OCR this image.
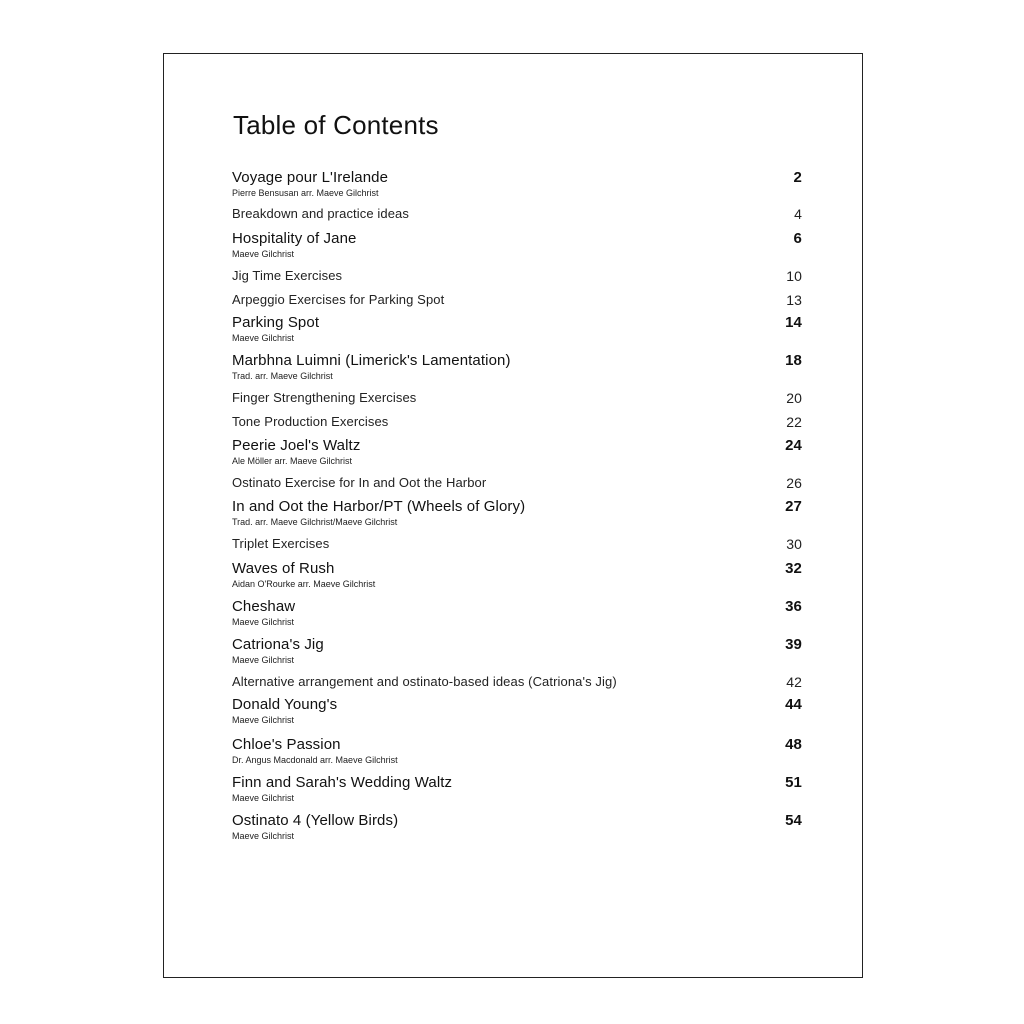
Table of Contents
Voyage pour L'Irelande	2
Pierre Bensusan arr. Maeve Gilchrist
Breakdown and practice ideas	4
Hospitality of Jane	6
Maeve Gilchrist
Jig Time Exercises	10
Arpeggio Exercises for Parking Spot	13
Parking Spot	14
Maeve Gilchrist
Marbhna Luimni (Limerick's Lamentation)	18
Trad. arr. Maeve Gilchrist
Finger Strengthening Exercises	20
Tone Production Exercises	22
Peerie Joel's Waltz	24
Ale Möller arr. Maeve Gilchrist
Ostinato Exercise for In and Oot the Harbor	26
In and Oot the Harbor/PT (Wheels of Glory)	27
Trad. arr. Maeve Gilchrist/Maeve Gilchrist
Triplet Exercises	30
Waves of Rush	32
Aidan O'Rourke arr. Maeve Gilchrist
Cheshaw	36
Maeve Gilchrist
Catriona's Jig	39
Maeve Gilchrist
Alternative arrangement and ostinato-based ideas (Catriona's Jig)	42
Donald Young's	44
Maeve Gilchrist
Chloe's Passion	48
Dr. Angus Macdonald arr. Maeve Gilchrist
Finn and Sarah's Wedding Waltz	51
Maeve Gilchrist
Ostinato 4 (Yellow Birds)	54
Maeve Gilchrist
